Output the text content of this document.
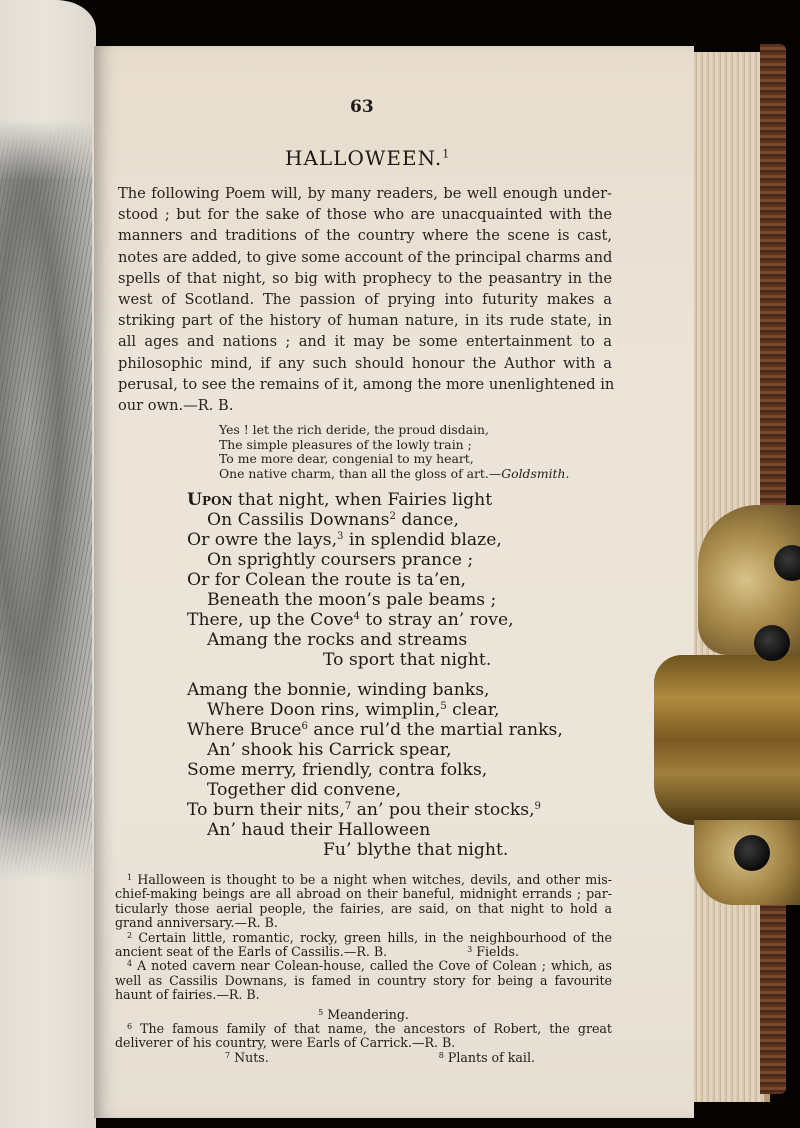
63
HALLOWEEN.$^1$
The following Poem will, by many readers, be well enough under-
stood ; but for the sake of those who are unacquainted with the
manners and traditions of the country where the scene is cast,
notes are added, to give some account of the principal charms and
spells of that night, so big with prophecy to the peasantry in the
west of Scotland. The passion of prying into futurity makes a
striking part of the history of human nature, in its rude state, in
all ages and nations ; and it may be some entertainment to a
philosophic mind, if any such should honour the Author with a
perusal, to see the remains of it, among the more unenlightened in
our own.—R. B.
Yes ! let the rich deride, the proud disdain,
The simple pleasures of the lowly train ;
To me more dear, congenial to my heart,
One native charm, than all the gloss of art.—Goldsmith.
Upon that night, when Fairies light
On Cassilis Downans$^2$ dance,
Or owre the lays,$^3$ in splendid blaze,
On sprightly coursers prance ;
Or for Colean the route is ta’en,
Beneath the moon’s pale beams ;
There, up the Cove$^4$ to stray an’ rove,
Amang the rocks and streams
To sport that night.
Amang the bonnie, winding banks,
Where Doon rins, wimplin,$^5$ clear,
Where Bruce$^6$ ance rul’d the martial ranks,
An’ shook his Carrick spear,
Some merry, friendly, contra folks,
Together did convene,
To burn their nits,$^7$ an’ pou their stocks,$^9$
An’ haud their Halloween
Fu’ blythe that night.
$^1$ Halloween is thought to be a night when witches, devils, and other mis- chief-making beings are all abroad on their baneful, midnight errands ; par- ticularly those aerial people, the fairies, are said, on that night to hold a grand anniversary.—R. B.
$^2$ Certain little, romantic, rocky, green hills, in the neighbourhood of the ancient seat of the Earls of Cassilis.—R. B.	$^3$ Fields.
$^4$ A noted cavern near Colean-house, called the Cove of Colean ; which, as well as Cassilis Downans, is famed in country story for being a favourite haunt of fairies.—R. B.
$^5$ Meandering.
$^6$ The famous family of that name, the ancestors of Robert, the great deliverer of his country, were Earls of Carrick.—R. B.
$^7$ Nuts.	$^8$ Plants of kail.
